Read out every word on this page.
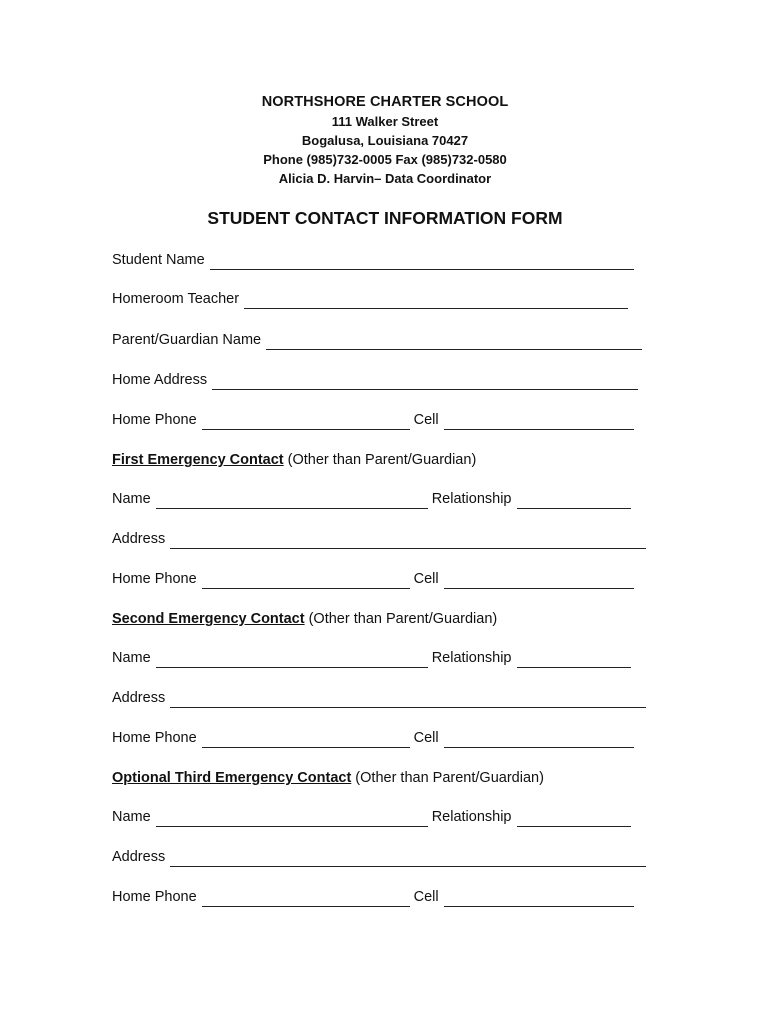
NORTHSHORE CHARTER SCHOOL
111 Walker Street
Bogalusa, Louisiana 70427
Phone (985)732-0005 Fax (985)732-0580
Alicia D. Harvin– Data Coordinator
STUDENT CONTACT INFORMATION FORM
Student Name
Homeroom Teacher
Parent/Guardian Name
Home Address
Home Phone	Cell
First Emergency Contact (Other than Parent/Guardian)
Name	Relationship
Address
Home Phone	Cell
Second Emergency Contact (Other than Parent/Guardian)
Name	Relationship
Address
Home Phone	Cell
Optional Third Emergency Contact (Other than Parent/Guardian)
Name	Relationship
Address
Home Phone	Cell
